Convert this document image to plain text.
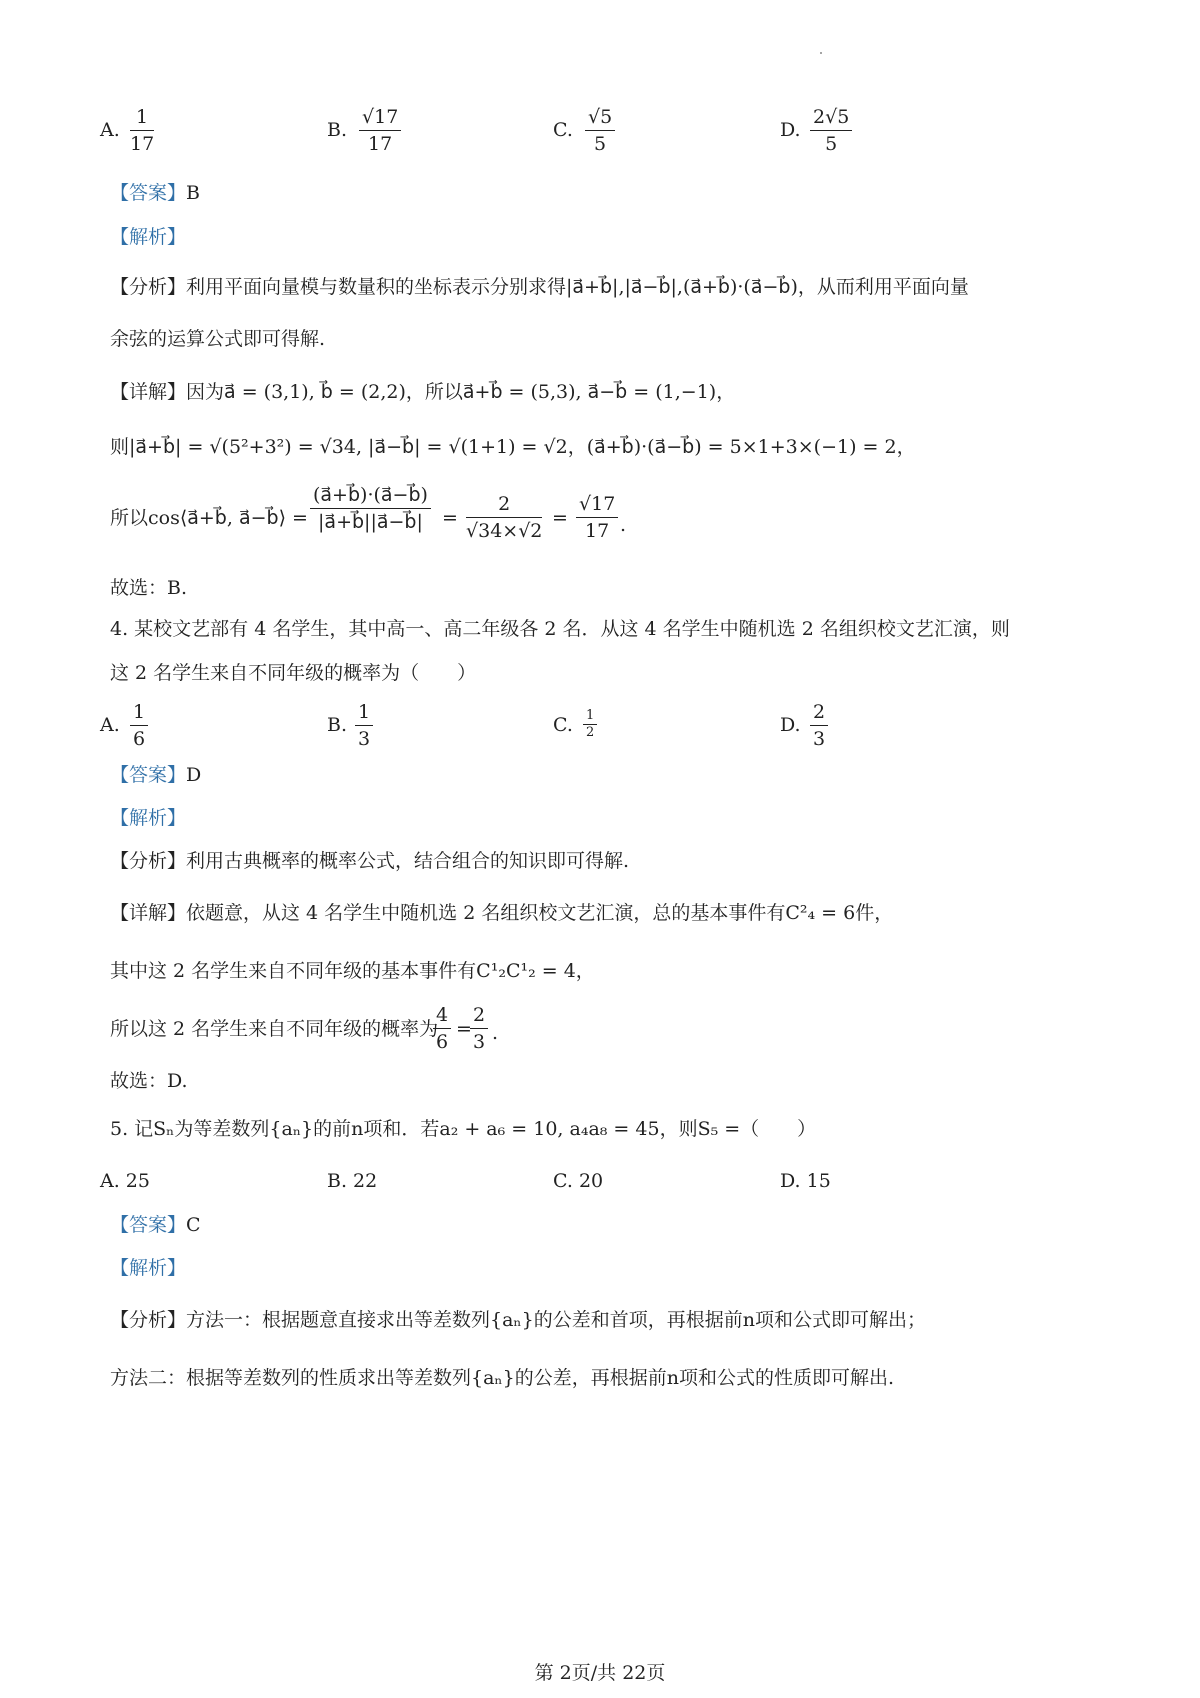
A. $\frac{1}{17}$	B. $\frac{√17}{17}$	C. $\frac{√5}{5}$	D. $\frac{2√5}{5}$
【答案】B
【解析】
【分析】利用平面向量模与数量积的坐标表示分别求得|a⃗+b⃗|,|a⃗−b⃗|,(a⃗+b⃗)·(a⃗−b⃗)，从而利用平面向量
余弦的运算公式即可得解.
【详解】因为a⃗ = (3,1), b⃗ = (2,2)，所以a⃗+b⃗ = (5,3), a⃗−b⃗ = (1,−1)，
则|a⃗+b⃗| = √(5²+3²) = √34, |a⃗−b⃗| = √(1+1) = √2，(a⃗+b⃗)·(a⃗−b⃗) = 5×1+3×(−1) = 2，
所以cos⟨a⃗+b⃗, a⃗−b⃗⟩ = $\frac{(a⃗+b⃗)\cdot(a⃗-b⃗)}{|a⃗+b⃗||a⃗-b⃗|} = \frac{2}{√34\times√2} = \frac{√17}{17}$ .
故选：B.
4. 某校文艺部有 4 名学生，其中高一、高二年级各 2 名．从这 4 名学生中随机选 2 名组织校文艺汇演，则
这 2 名学生来自不同年级的概率为（　　）
A. $\frac{1}{6}$	B. $\frac{1}{3}$	C. $\frac{1}{2}$	D. $\frac{2}{3}$
【答案】D
【解析】
【分析】利用古典概率的概率公式，结合组合的知识即可得解.
【详解】依题意，从这 4 名学生中随机选 2 名组织校文艺汇演，总的基本事件有C²₄ = 6件，
其中这 2 名学生来自不同年级的基本事件有C¹₂C¹₂ = 4，
所以这 2 名学生来自不同年级的概率为
$\frac{4}{6}$ =
$\frac{2}{3}$ .
故选：D.
5. 记Sₙ为等差数列{aₙ}的前n项和．若a₂ + a₆ = 10, a₄a₈ = 45，则S₅ =（　　）
A. 25	B. 22	C. 20	D. 15
【答案】C
【解析】
【分析】方法一：根据题意直接求出等差数列{aₙ}的公差和首项，再根据前n项和公式即可解出；
方法二：根据等差数列的性质求出等差数列{aₙ}的公差，再根据前n项和公式的性质即可解出.
第 2页/共 22页
